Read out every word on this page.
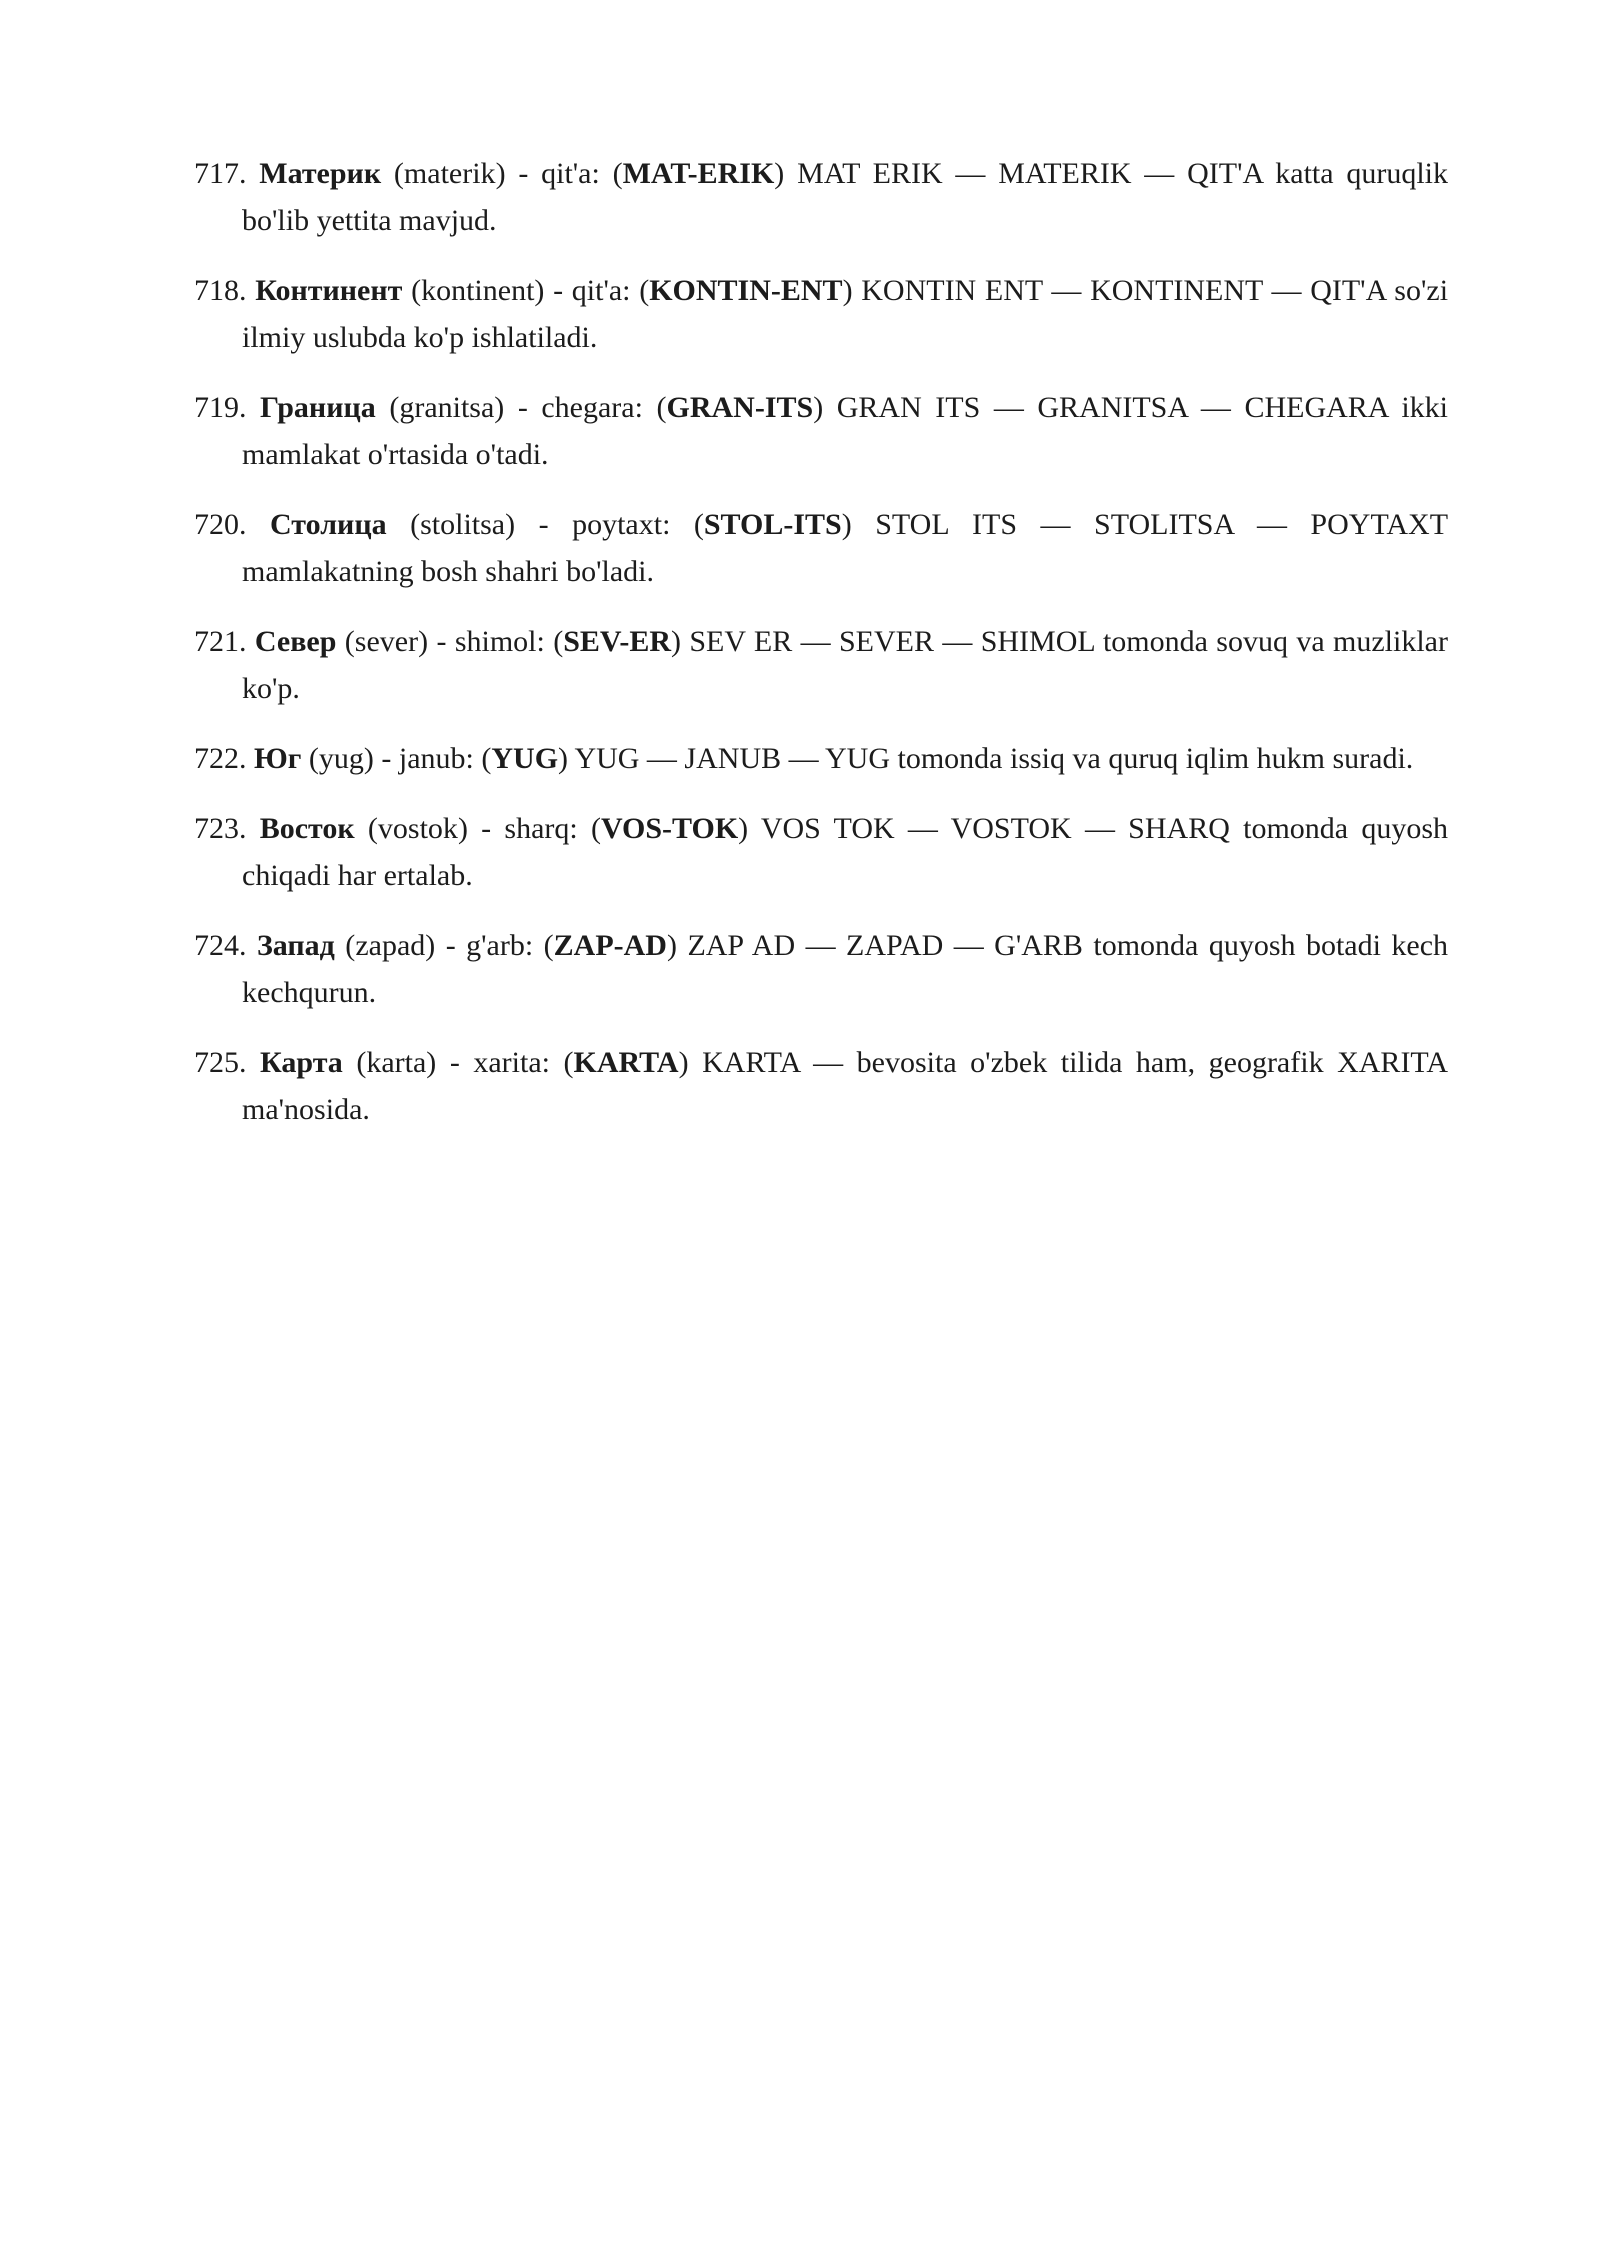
717. Материк (materik) - qit'a: (MAT-ERIK) MAT ERIK — MATERIK — QIT'A katta quruqlik bo'lib yettita mavjud.
718. Континент (kontinent) - qit'a: (KONTIN-ENT) KONTIN ENT — KONTINENT — QIT'A so'zi ilmiy uslubda ko'p ishlatiladi.
719. Граница (granitsa) - chegara: (GRAN-ITS) GRAN ITS — GRANITSA — CHEGARA ikki mamlakat o'rtasida o'tadi.
720. Столица (stolitsa) - poytaxt: (STOL-ITS) STOL ITS — STOLITSA — POYTAXT mamlakatning bosh shahri bo'ladi.
721. Север (sever) - shimol: (SEV-ER) SEV ER — SEVER — SHIMOL tomonda sovuq va muzliklar ko'p.
722. Юг (yug) - janub: (YUG) YUG — JANUB — YUG tomonda issiq va quruq iqlim hukm suradi.
723. Восток (vostok) - sharq: (VOS-TOK) VOS TOK — VOSTOK — SHARQ tomonda quyosh chiqadi har ertalab.
724. Запад (zapad) - g'arb: (ZAP-AD) ZAP AD — ZAPAD — G'ARB tomonda quyosh botadi kech kechqurun.
725. Карта (karta) - xarita: (KARTA) KARTA — bevosita o'zbek tilida ham, geografik XARITA ma'nosida.
